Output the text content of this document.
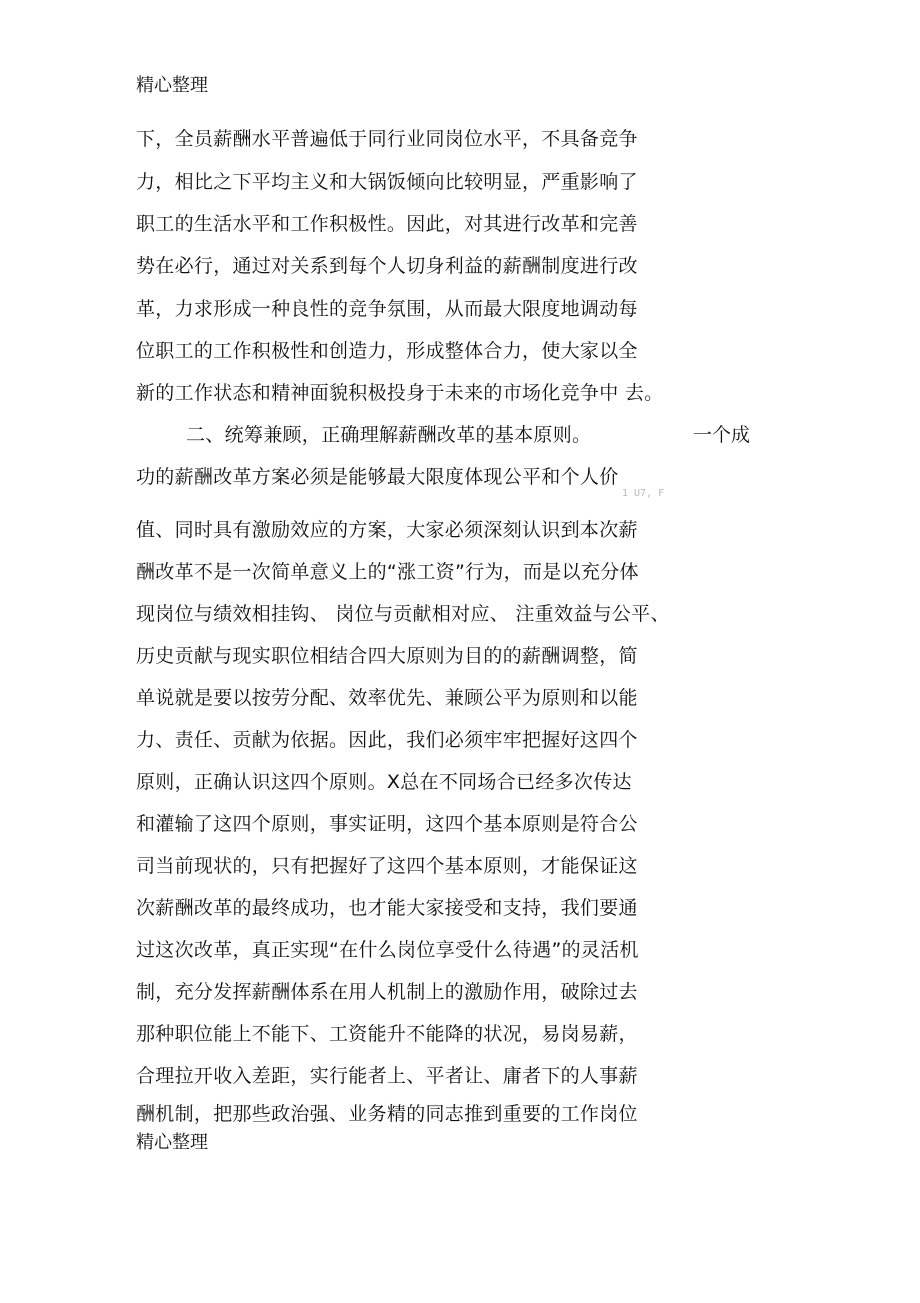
精心整理
下，全员薪酬水平普遍低于同行业同岗位水平，不具备竞争
力，相比之下平均主义和大锅饭倾向比较明显，严重影响了
职工的生活水平和工作积极性。因此，对其进行改革和完善
势在必行，通过对关系到每个人切身利益的薪酬制度进行改
革，力求形成一种良性的竞争氛围，从而最大限度地调动每
位职工的工作积极性和创造力，形成整体合力，使大家以全
新的工作状态和精神面貌积极投身于未来的市场化竞争中 去。
二、统筹兼顾，正确理解薪酬改革的基本原则。	一个成
功的薪酬改革方案必须是能够最大限度体现公平和个人价
1 U7, F
值、同时具有激励效应的方案，大家必须深刻认识到本次薪
酬改革不是一次简单意义上的“涨工资”行为，而是以充分体
现岗位与绩效相挂钩、 岗位与贡献相对应、 注重效益与公平、
历史贡献与现实职位相结合四大原则为目的的薪酬调整，简
单说就是要以按劳分配、效率优先、兼顾公平为原则和以能
力、责任、贡献为依据。因此，我们必须牢牢把握好这四个
原则，正确认识这四个原则。X总在不同场合已经多次传达
和灌输了这四个原则，事实证明，这四个基本原则是符合公
司当前现状的，只有把握好了这四个基本原则，才能保证这
次薪酬改革的最终成功，也才能大家接受和支持，我们要通
过这次改革，真正实现“在什么岗位享受什么待遇”的灵活机
制，充分发挥薪酬体系在用人机制上的激励作用，破除过去
那种职位能上不能下、工资能升不能降的状况，易岗易薪，
合理拉开收入差距，实行能者上、平者让、庸者下的人事薪
酬机制，把那些政治强、业务精的同志推到重要的工作岗位
精心整理
